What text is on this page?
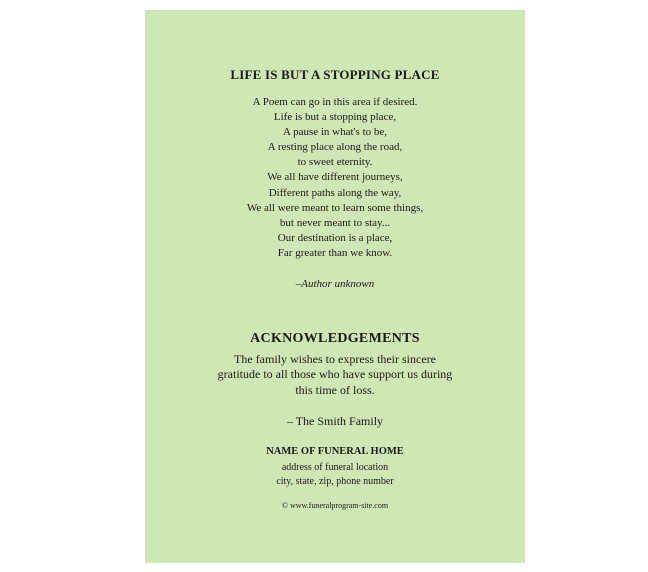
LIFE IS BUT A STOPPING PLACE
A Poem can go in this area if desired.
Life is but a stopping place,
A pause in what's to be,
A resting place along the road,
to sweet eternity.
We all have different journeys,
Different paths along the way,
We all were meant to learn some things,
but never meant to stay...
Our destination is a place,
Far greater than we know.
–Author unknown
ACKNOWLEDGEMENTS
The family wishes to express their sincere
gratitude to all those who have support us during
this time of loss.
– The Smith Family
NAME OF FUNERAL HOME
address of funeral location
city, state, zip, phone number
© www.funeralprogram-site.com
